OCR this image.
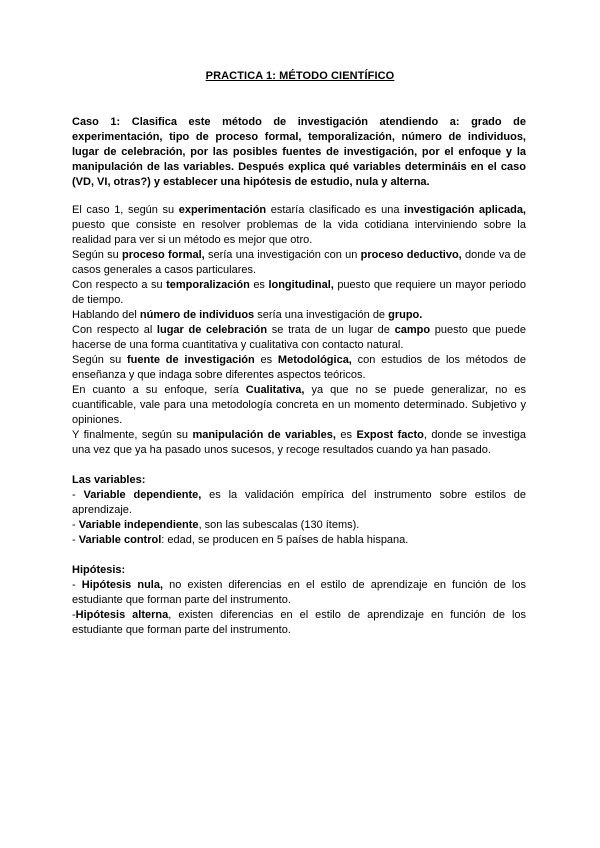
PRACTICA 1: MÉTODO CIENTÍFICO

Caso 1: Clasifica este método de investigación atendiendo a: grado de experimentación, tipo de proceso formal, temporalización, número de individuos, lugar de celebración, por las posibles fuentes de investigación, por el enfoque y la manipulación de las variables. Después explica qué variables determináis en el caso (VD, VI, otras?) y establecer una hipótesis de estudio, nula y alterna.

El caso 1, según su experimentación estaría clasificado es una investigación aplicada, puesto que consiste en resolver problemas de la vida cotidiana interviniendo sobre la realidad para ver si un método es mejor que otro.

Según su proceso formal, sería una investigación con un proceso deductivo, donde va de casos generales a casos particulares.

Con respecto a su temporalización es longitudinal, puesto que requiere un mayor periodo de tiempo.

Hablando del número de individuos sería una investigación de grupo.

Con respecto al lugar de celebración se trata de un lugar de campo puesto que puede hacerse de una forma cuantitativa y cualitativa con contacto natural.

Según su fuente de investigación es Metodológica, con estudios de los métodos de enseñanza y que indaga sobre diferentes aspectos teóricos.

En cuanto a su enfoque, sería Cualitativa, ya que no se puede generalizar, no es cuantificable, vale para una metodología concreta en un momento determinado. Subjetivo y opiniones.

Y finalmente, según su manipulación de variables, es Expost facto, donde se investiga una vez que ya ha pasado unos sucesos, y recoge resultados cuando ya han pasado.

Las variables:

- Variable dependiente, es la validación empírica del instrumento sobre estilos de aprendizaje.

- Variable independiente, son las subescalas (130 ítems).

- Variable control: edad, se producen en 5 países de habla hispana.

Hipótesis:

- Hipótesis nula, no existen diferencias en el estilo de aprendizaje en función de los estudiante que forman parte del instrumento.

-Hipótesis alterna, existen diferencias en el estilo de aprendizaje en función de los estudiante que forman parte del instrumento.
